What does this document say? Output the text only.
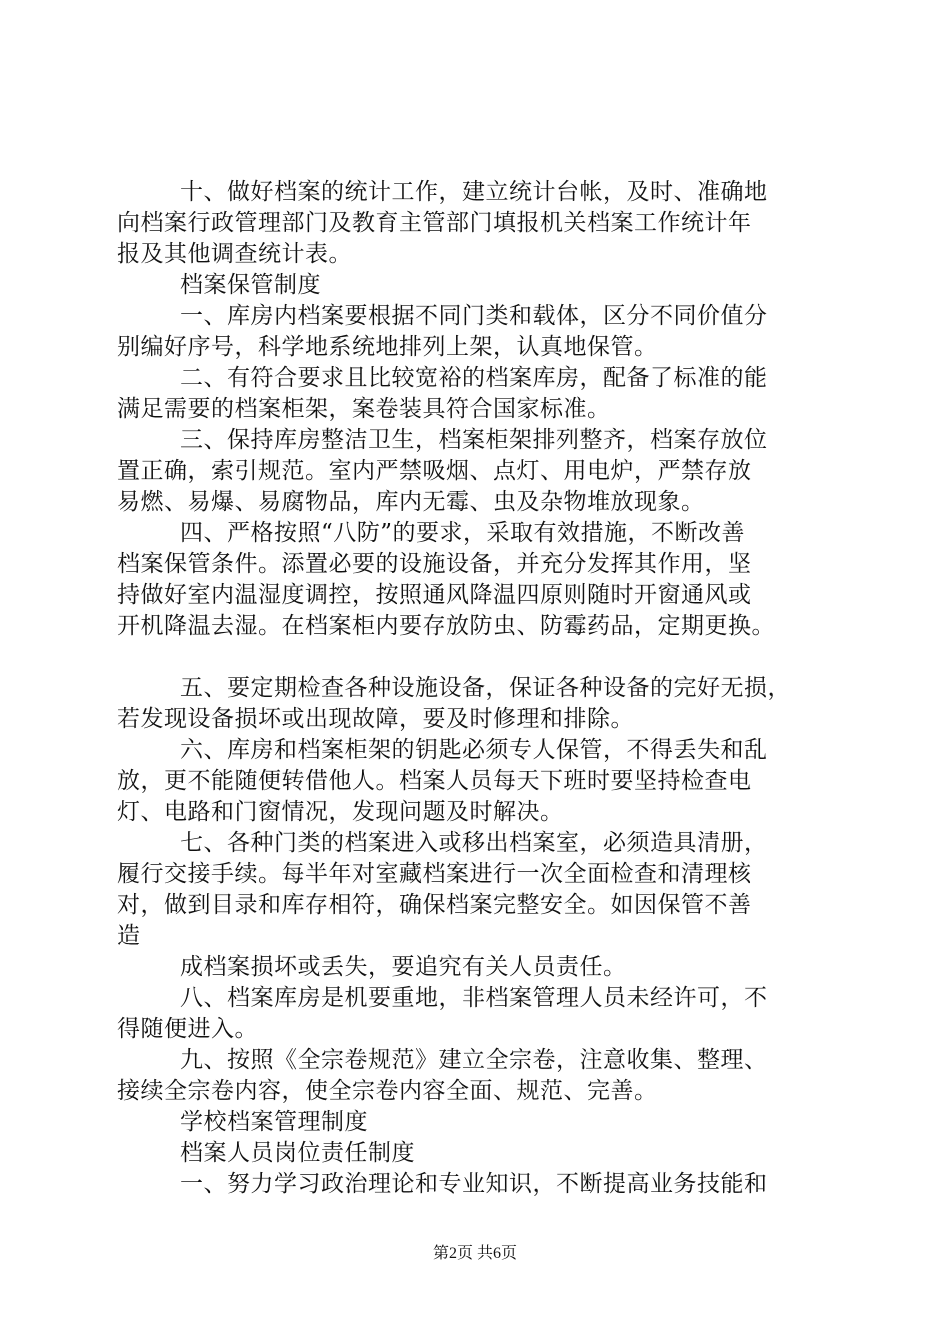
十、做好档案的统计工作，建立统计台帐，及时、准确地
向档案行政管理部门及教育主管部门填报机关档案工作统计年
报及其他调查统计表。
档案保管制度
一、库房内档案要根据不同门类和载体，区分不同价值分
别编好序号，科学地系统地排列上架，认真地保管。
二、有符合要求且比较宽裕的档案库房，配备了标准的能
满足需要的档案柜架，案卷装具符合国家标准。
三、保持库房整洁卫生，档案柜架排列整齐，档案存放位
置正确，索引规范。室内严禁吸烟、点灯、用电炉，严禁存放
易燃、易爆、易腐物品，库内无霉、虫及杂物堆放现象。
四、严格按照“八防”的要求，采取有效措施，不断改善
档案保管条件。添置必要的设施设备，并充分发挥其作用，坚
持做好室内温湿度调控，按照通风降温四原则随时开窗通风或
开机降温去湿。在档案柜内要存放防虫、防霉药品，定期更换。
五、要定期检查各种设施设备，保证各种设备的完好无损，
若发现设备损坏或出现故障，要及时修理和排除。
六、库房和档案柜架的钥匙必须专人保管，不得丢失和乱
放，更不能随便转借他人。档案人员每天下班时要坚持检查电
灯、电路和门窗情况，发现问题及时解决。
七、各种门类的档案进入或移出档案室，必须造具清册，
履行交接手续。每半年对室藏档案进行一次全面检查和清理核
对，做到目录和库存相符，确保档案完整安全。如因保管不善
造
成档案损坏或丢失，要追究有关人员责任。
八、档案库房是机要重地，非档案管理人员未经许可，不
得随便进入。
九、按照《全宗卷规范》建立全宗卷，注意收集、整理、
接续全宗卷内容，使全宗卷内容全面、规范、完善。
学校档案管理制度
档案人员岗位责任制度
一、努力学习政治理论和专业知识，不断提高业务技能和
第2页 共6页
